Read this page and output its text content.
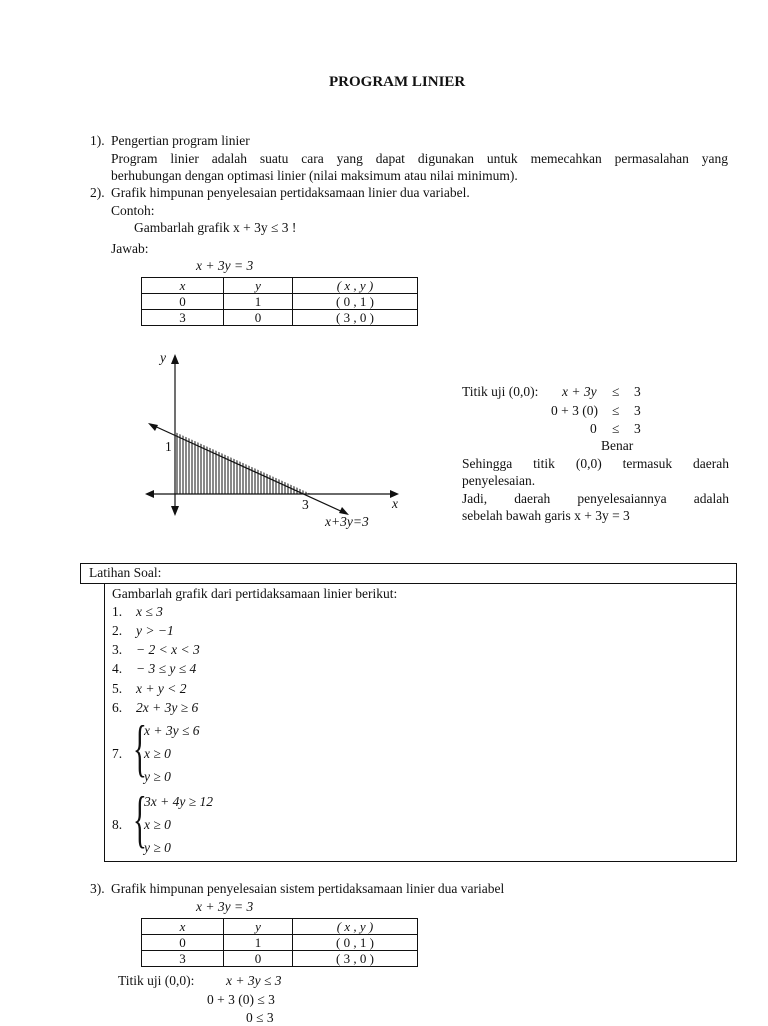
PROGRAM LINIER
1). Pengertian program linier
Program linier adalah suatu cara yang dapat digunakan untuk memecahkan permasalahan yang
berhubungan dengan optimasi linier (nilai maksimum atau nilai minimum).
2). Grafik himpunan penyelesaian pertidaksamaan linier dua variabel.
Contoh:
Gambarlah grafik x + 3y ≤ 3 !
Jawab:
x + 3y = 3
x	y	( x , y )
0	1	( 0 , 1 )
3	0	( 3 , 0 )
y
x
1
3
x+3y=3
Titik uji (0,0): x + 3y ≤ 3
0 + 3 (0) ≤ 3
0 ≤ 3
Benar
Sehingga titik (0,0) termasuk daerah
penyelesaian.
Jadi, daerah penyelesaiannya adalah
sebelah bawah garis x + 3y = 3
Latihan Soal:
Gambarlah grafik dari pertidaksamaan linier berikut:
1. x ≤ 3
2. y > −1
3. − 2 < x < 3
4. − 3 ≤ y ≤ 4
5. x + y < 2
6. 2x + 3y ≥ 6
7. {
x + 3y ≤ 6
x ≥ 0
y ≥ 0
8. {
3x + 4y ≥ 12
x ≥ 0
y ≥ 0
3). Grafik himpunan penyelesaian sistem pertidaksamaan linier dua variabel
x + 3y = 3
x	y	( x , y )
0	1	( 0 , 1 )
3	0	( 3 , 0 )
Titik uji (0,0): x + 3y ≤ 3
0 + 3 (0) ≤ 3
0 ≤ 3
